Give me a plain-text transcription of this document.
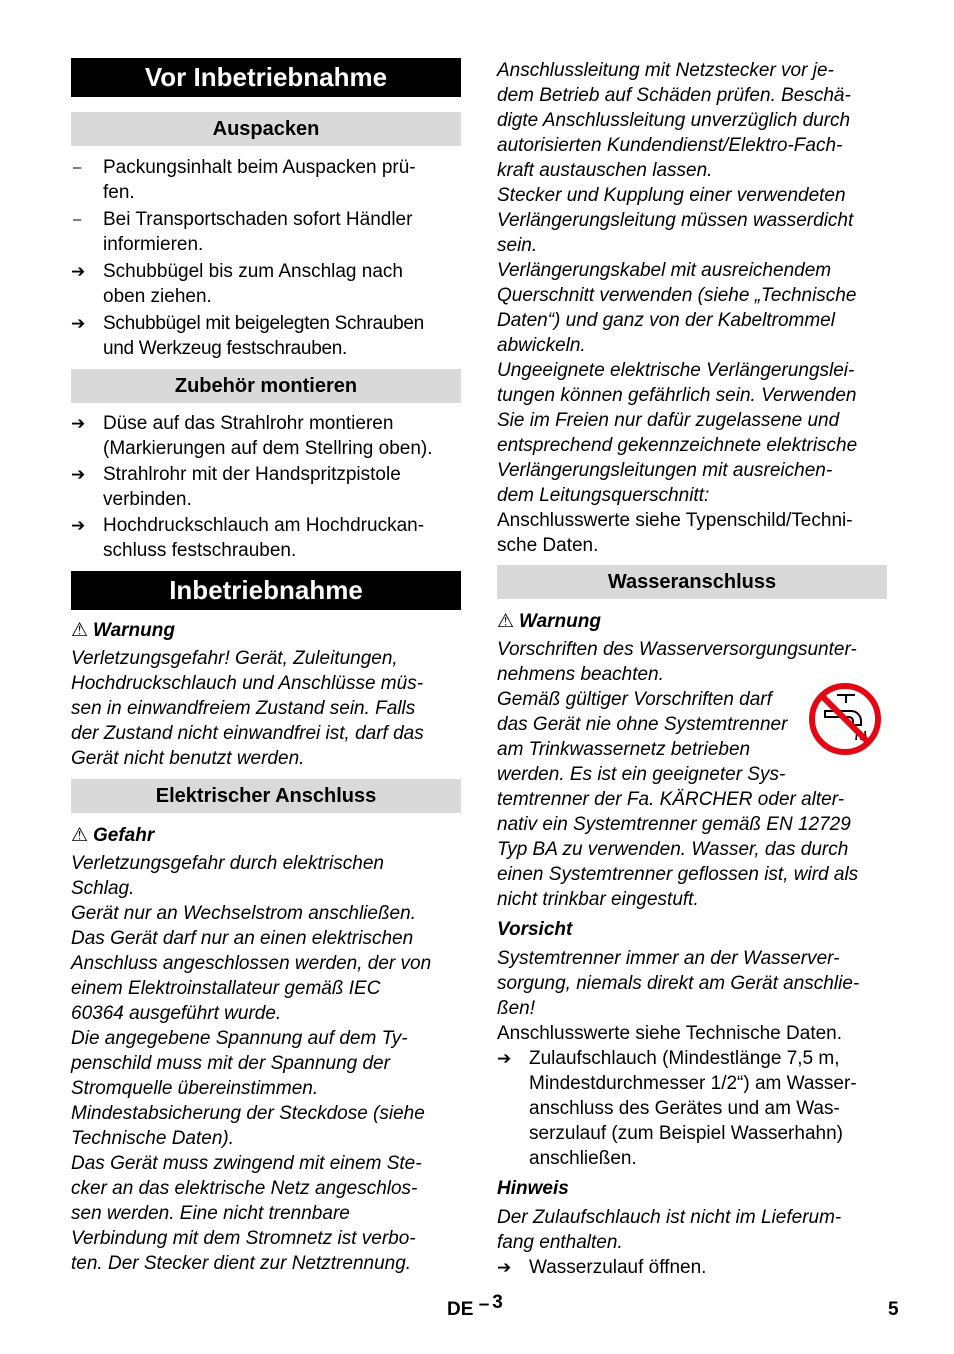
Vor Inbetriebnahme
Auspacken
–	Packungsinhalt beim Auspacken prü-
fen.
–	Bei Transportschaden sofort Händler
informieren.
➔ Schubbügel bis zum Anschlag nach
oben ziehen.
➔ Schubbügel mit beigelegten Schrauben
und Werkzeug festschrauben.
Zubehör montieren
➔ Düse auf das Strahlrohr montieren
(Markierungen auf dem Stellring oben).
➔ Strahlrohr mit der Handspritzpistole
verbinden.
➔ Hochdruckschlauch am Hochdruckan-
schluss festschrauben.
Inbetriebnahme
⚠ Warnung
Verletzungsgefahr! Gerät, Zuleitungen,
Hochdruckschlauch und Anschlüsse müs-
sen in einwandfreiem Zustand sein. Falls
der Zustand nicht einwandfrei ist, darf das
Gerät nicht benutzt werden.
Elektrischer Anschluss
⚠ Gefahr
Verletzungsgefahr durch elektrischen
Schlag.
Gerät nur an Wechselstrom anschließen.
Das Gerät darf nur an einen elektrischen
Anschluss angeschlossen werden, der von
einem Elektroinstallateur gemäß IEC
60364 ausgeführt wurde.
Die angegebene Spannung auf dem Ty-
penschild muss mit der Spannung der
Stromquelle übereinstimmen.
Mindestabsicherung der Steckdose (siehe
Technische Daten).
Das Gerät muss zwingend mit einem Ste-
cker an das elektrische Netz angeschlos-
sen werden. Eine nicht trennbare
Verbindung mit dem Stromnetz ist verbo-
ten. Der Stecker dient zur Netztrennung.
Anschlussleitung mit Netzstecker vor je-
dem Betrieb auf Schäden prüfen. Beschä-
digte Anschlussleitung unverzüglich durch
autorisierten Kundendienst/Elektro-Fach-
kraft austauschen lassen.
Stecker und Kupplung einer verwendeten
Verlängerungsleitung müssen wasserdicht
sein.
Verlängerungskabel mit ausreichendem
Querschnitt verwenden (siehe „Technische
Daten“) und ganz von der Kabeltrommel
abwickeln.
Ungeeignete elektrische Verlängerungslei-
tungen können gefährlich sein. Verwenden
Sie im Freien nur dafür zugelassene und
entsprechend gekennzeichnete elektrische
Verlängerungsleitungen mit ausreichen-
dem Leitungsquerschnitt:
Anschlusswerte siehe Typenschild/Techni-
sche Daten.
Wasseranschluss
⚠ Warnung
Vorschriften des Wasserversorgungsunter-
nehmens beachten.
Gemäß gültiger Vorschriften darf
das Gerät nie ohne Systemtrenner
am Trinkwassernetz betrieben
werden. Es ist ein geeigneter Sys-
temtrenner der Fa. KÄRCHER oder alter-
nativ ein Systemtrenner gemäß EN 12729
Typ BA zu verwenden. Wasser, das durch
einen Systemtrenner geflossen ist, wird als
nicht trinkbar eingestuft.
Vorsicht
Systemtrenner immer an der Wasserver-
sorgung, niemals direkt am Gerät anschlie-
ßen!
Anschlusswerte siehe Technische Daten.
➔ Zulaufschlauch (Mindestlänge 7,5 m,
Mindestdurchmesser 1/2“) am Wasser-
anschluss des Gerätes und am Was-
serzulauf (zum Beispiel Wasserhahn)
anschließen.
Hinweis
Der Zulaufschlauch ist nicht im Lieferum-
fang enthalten.
➔ Wasserzulauf öffnen.
DE – 3	5
